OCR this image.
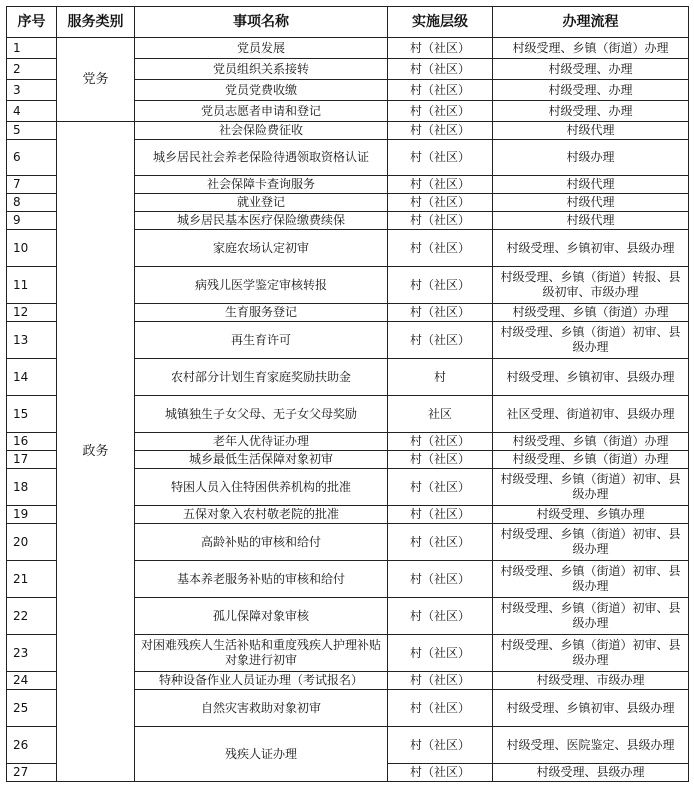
序号	服务类别	事项名称	实施层级	办理流程
1	党务	党员发展	村（社区）	村级受理、乡镇（街道）办理
2		党员组织关系接转	村（社区）	村级受理、办理
3		党员党费收缴	村（社区）	村级受理、办理
4		党员志愿者申请和登记	村（社区）	村级受理、办理
5	政务	社会保险费征收	村（社区）	村级代理
6		城乡居民社会养老保险待遇领取资格认证	村（社区）	村级办理
7		社会保障卡查询服务	村（社区）	村级代理
8		就业登记	村（社区）	村级代理
9		城乡居民基本医疗保险缴费续保	村（社区）	村级代理
10		家庭农场认定初审	村（社区）	村级受理、乡镇初审、县级办理
11		病残儿医学鉴定审核转报	村（社区）	村级受理、乡镇（街道）转报、县级初审、市级办理
12		生育服务登记	村（社区）	村级受理、乡镇（街道）办理
13		再生育许可	村（社区）	村级受理、乡镇（街道）初审、县级办理
14		农村部分计划生育家庭奖励扶助金	村	村级受理、乡镇初审、县级办理
15		城镇独生子女父母、无子女父母奖励	社区	社区受理、街道初审、县级办理
16		老年人优待证办理	村（社区）	村级受理、乡镇（街道）办理
17		城乡最低生活保障对象初审	村（社区）	村级受理、乡镇（街道）办理
18		特困人员入住特困供养机构的批准	村（社区）	村级受理、乡镇（街道）初审、县级办理
19		五保对象入农村敬老院的批准	村（社区）	村级受理、乡镇办理
20		高龄补贴的审核和给付	村（社区）	村级受理、乡镇（街道）初审、县级办理
21		基本养老服务补贴的审核和给付	村（社区）	村级受理、乡镇（街道）初审、县级办理
22		孤儿保障对象审核	村（社区）	村级受理、乡镇（街道）初审、县级办理
23		对困难残疾人生活补贴和重度残疾人护理补贴对象进行初审	村（社区）	村级受理、乡镇（街道）初审、县级办理
24		特种设备作业人员证办理（考试报名）	村（社区）	村级受理、市级办理
25		自然灾害救助对象初审	村（社区）	村级受理、乡镇初审、县级办理
26		残疾人证办理	村（社区）	村级受理、医院鉴定、县级办理
27			村（社区）	村级受理、县级办理
